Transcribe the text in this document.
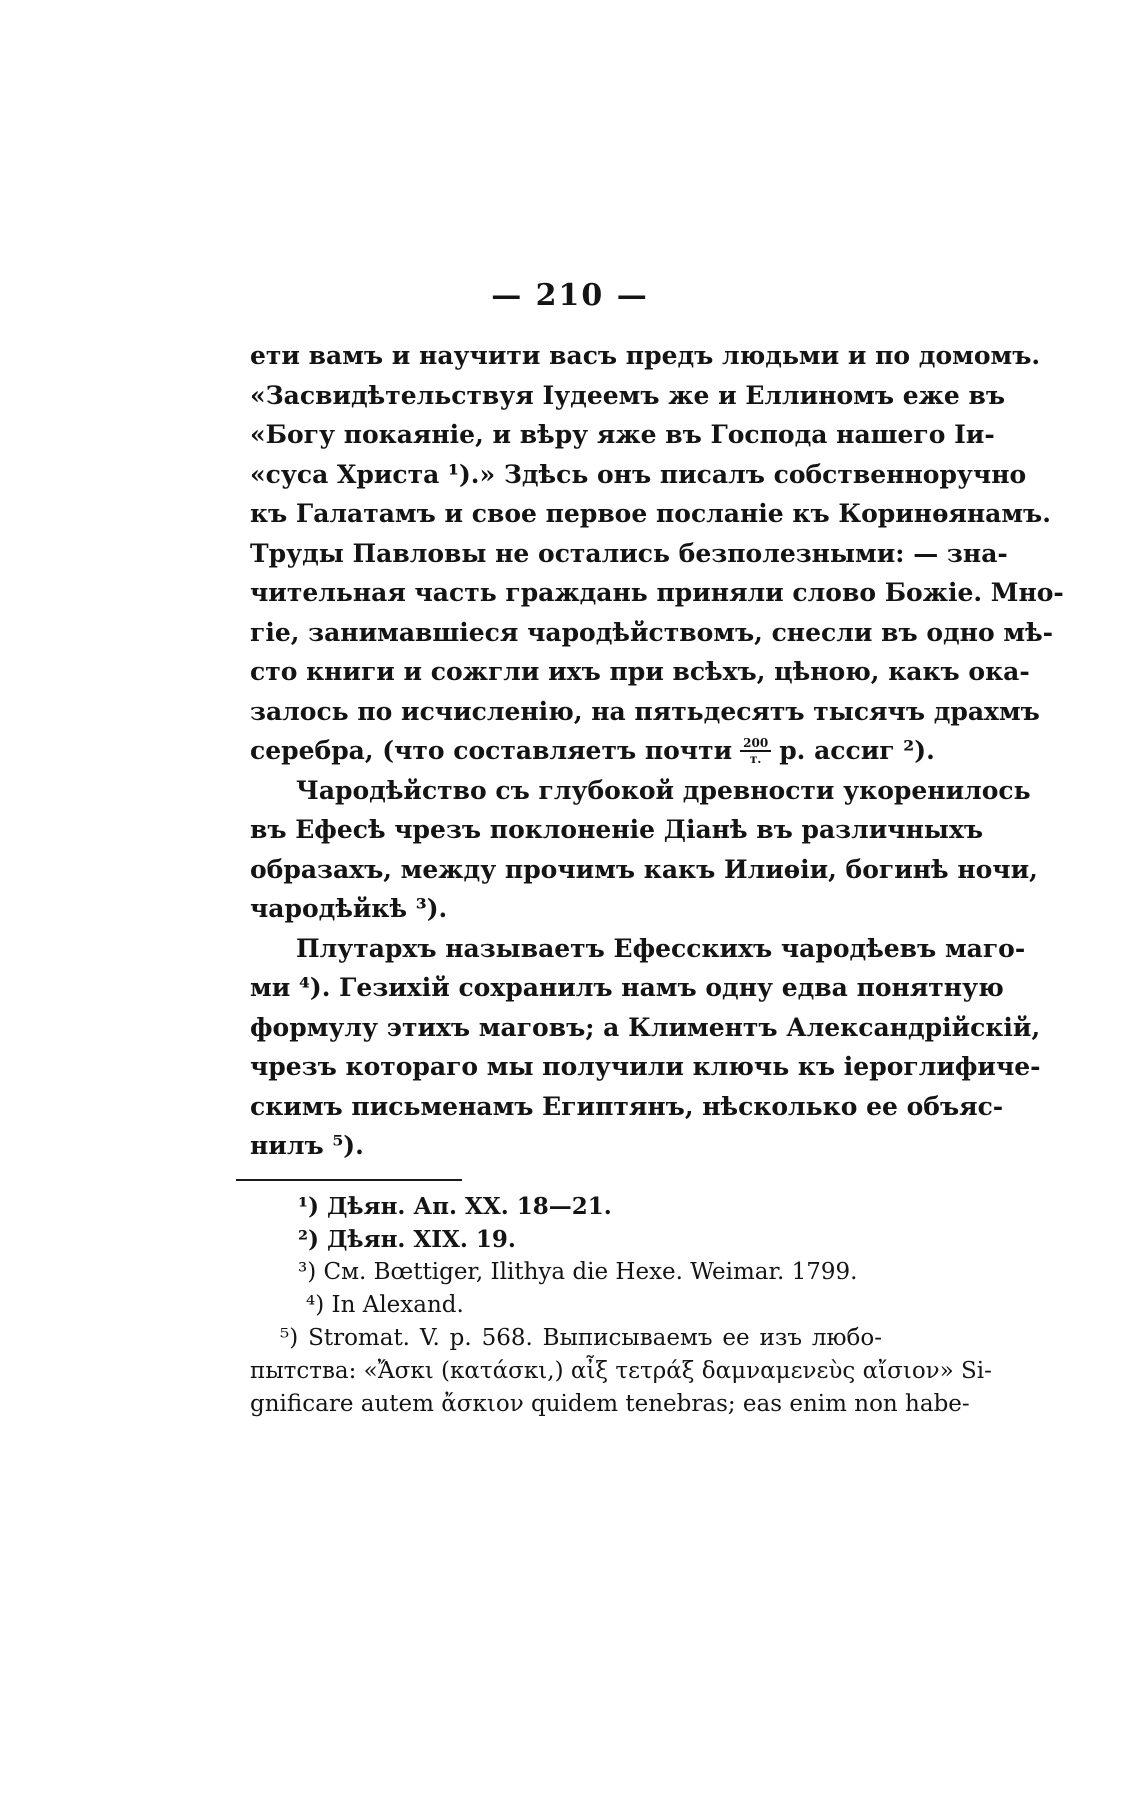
— 210 —
ети вамъ и научити васъ предъ людьми и по домомъ.
«Засвидѣтельствуя Іудеемъ же и Еллиномъ еже въ
«Богу покаяніе, и вѣру яже въ Господа нашего Іи-
«суса Христа ¹).» Здѣсь онъ писалъ собственноручно
къ Галатамъ и свое первое посланіе къ Коринѳянамъ.
Труды Павловы не остались безполезными: — зна-
чительная часть граждань приняли слово Божіе. Мно-
гіе, занимавшіеся чародѣйствомъ, снесли въ одно мѣ-
сто книги и сожгли ихъ при всѣхъ, цѣною, какъ ока-
залось по исчисленію, на пятьдесятъ тысячъ драхмъ
серебра, (что составляетъ почти $\frac{200}{т.} р$. ассиг ²).
Чародѣйство съ глубокой древности укоренилось
въ Ефесѣ чрезъ поклоненіе Діанѣ въ различныхъ
образахъ, между прочимъ какъ Илиѳіи, богинѣ ночи,
чародѣйкѣ ³).
Плутархъ называетъ Ефесскихъ чародѣевъ маго-
ми ⁴). Гезихій сохранилъ намъ одну едва понятную
формулу этихъ маговъ; а Климентъ Александрійскій,
чрезъ котораго мы получили ключь къ іероглифиче-
скимъ письменамъ Египтянъ, нѣсколько ее объяс-
нилъ ⁵).
¹) Дѣян. Ап. XX. 18—21.
²) Дѣян. XIX. 19.
³) См. Bœttiger, Ilithya die Hexe. Weimar. 1799.
⁴) In Alexand.
⁵) Stromat. V. p. 568. Выписываемъ ее изъ любо-
пытства: «Ἄσκι (κατάσκι,) αἶξ τετράξ δαμναμενεὺς αἴσιον» Si-
gnificare autem ἄσκιον quidem tenebras; eas enim non habe-
